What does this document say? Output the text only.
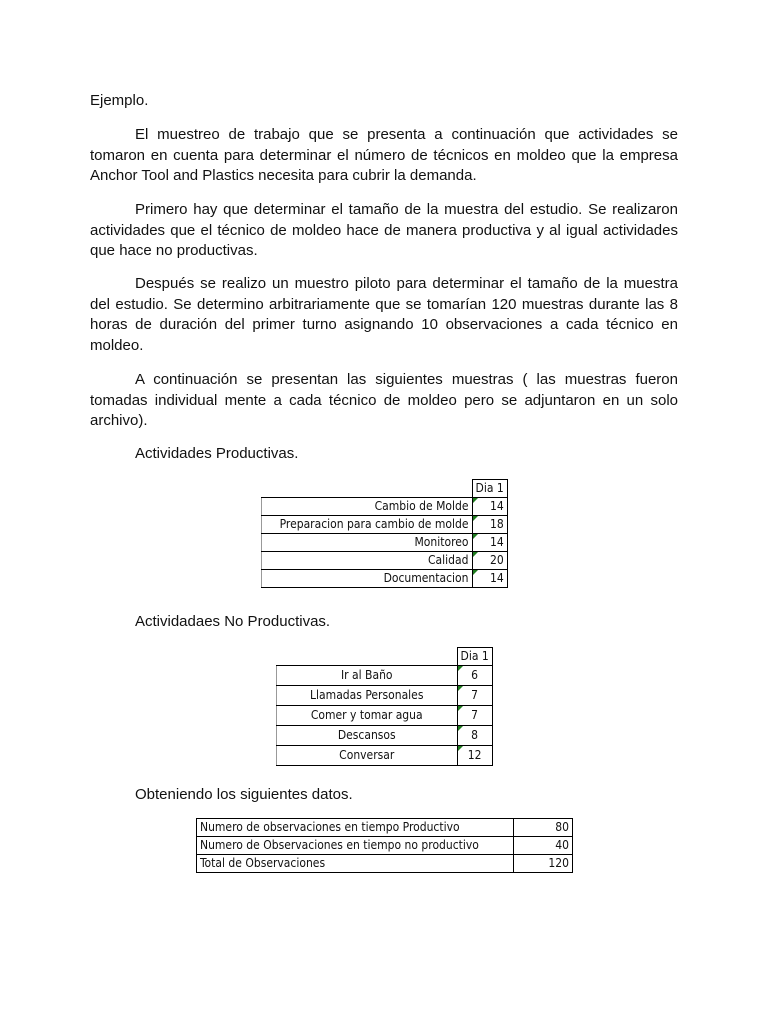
Ejemplo.
El muestreo de trabajo que se presenta a continuación que actividades se tomaron en cuenta para determinar el número de técnicos en moldeo que la empresa Anchor Tool and Plastics necesita para cubrir la demanda.
Primero hay que determinar el tamaño de la muestra del estudio. Se realizaron actividades que el técnico de moldeo hace de manera productiva y al igual actividades que hace no productivas.
Después se realizo un muestro piloto para determinar el tamaño de la muestra del estudio. Se determino arbitrariamente que se tomarían 120 muestras durante las 8 horas de duración del primer turno asignando 10 observaciones a cada técnico en moldeo.
A continuación se presentan las siguientes muestras ( las muestras fueron tomadas individual mente a cada técnico de moldeo pero se adjuntaron en un solo archivo).
Actividades Productivas.
	Dia 1
Cambio de Molde	14
Preparacion para cambio de molde	18
Monitoreo	14
Calidad	20
Documentacion	14
Actividadaes No Productivas.
	Dia 1
Ir al Baño	6
Llamadas Personales	7
Comer y tomar agua	7
Descansos	8
Conversar	12
Obteniendo los siguientes datos.
Numero de observaciones en tiempo Productivo	80
Numero de Observaciones en tiempo no productivo	40
Total de Observaciones	120
